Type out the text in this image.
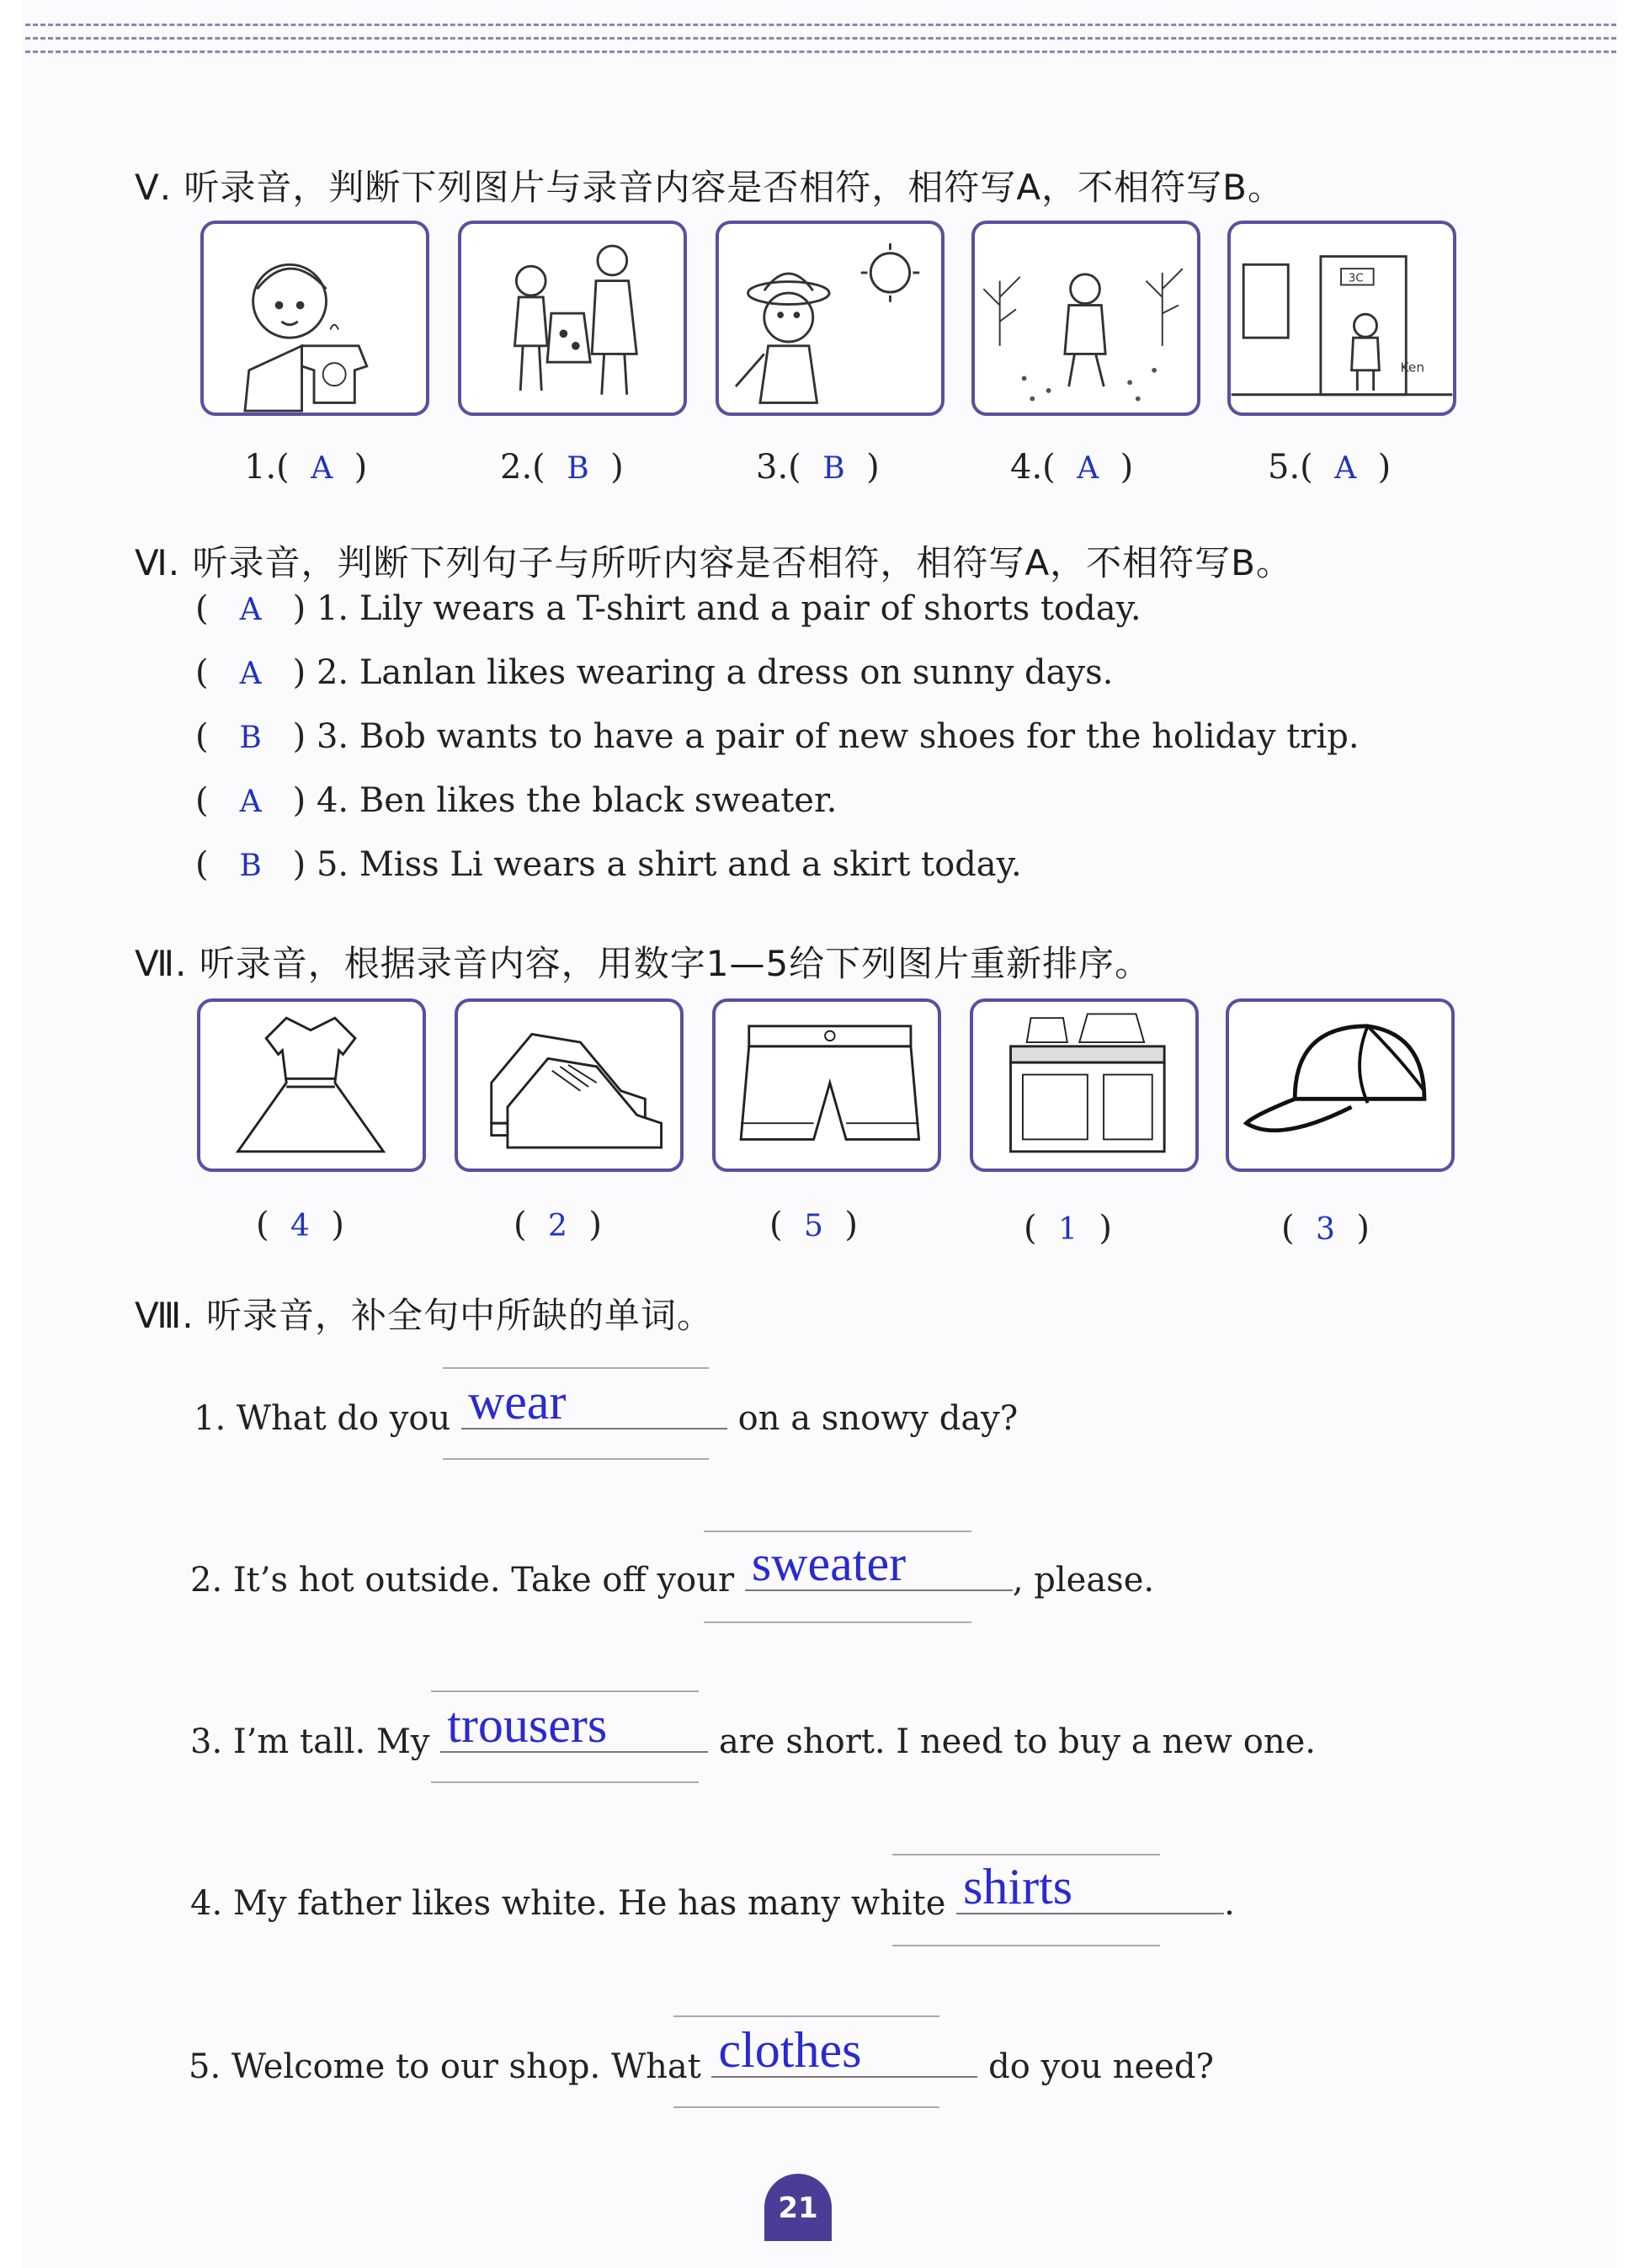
Ⅴ. 听录音，判断下列图片与录音内容是否相符，相符写A，不相符写B。
3C
Ken
1.(  A  )	2.(  B  )	3.(  B  )	4.(  A  )	5.(  A  )
Ⅵ. 听录音，判断下列句子与所听内容是否相符，相符写A，不相符写B。
( A ) 1. Lily wears a T-shirt and a pair of shorts today.
( A ) 2. Lanlan likes wearing a dress on sunny days.
( B ) 3. Bob wants to have a pair of new shoes for the holiday trip.
( A ) 4. Ben likes the black sweater.
( B ) 5. Miss Li wears a shirt and a skirt today.
Ⅶ. 听录音，根据录音内容，用数字1—5给下列图片重新排序。
(  4  )	(  2  )	(  5  )	(  1  )	(  3  )
Ⅷ. 听录音，补全句中所缺的单词。
1. What do you wear	on a snowy day?
2. It’s hot outside. Take off your sweater	, please.
3. I’m tall. My trousers	are short. I need to buy a new one.
4. My father likes white. He has many white shirts	.
5. Welcome to our shop. What clothes	do you need?
21
